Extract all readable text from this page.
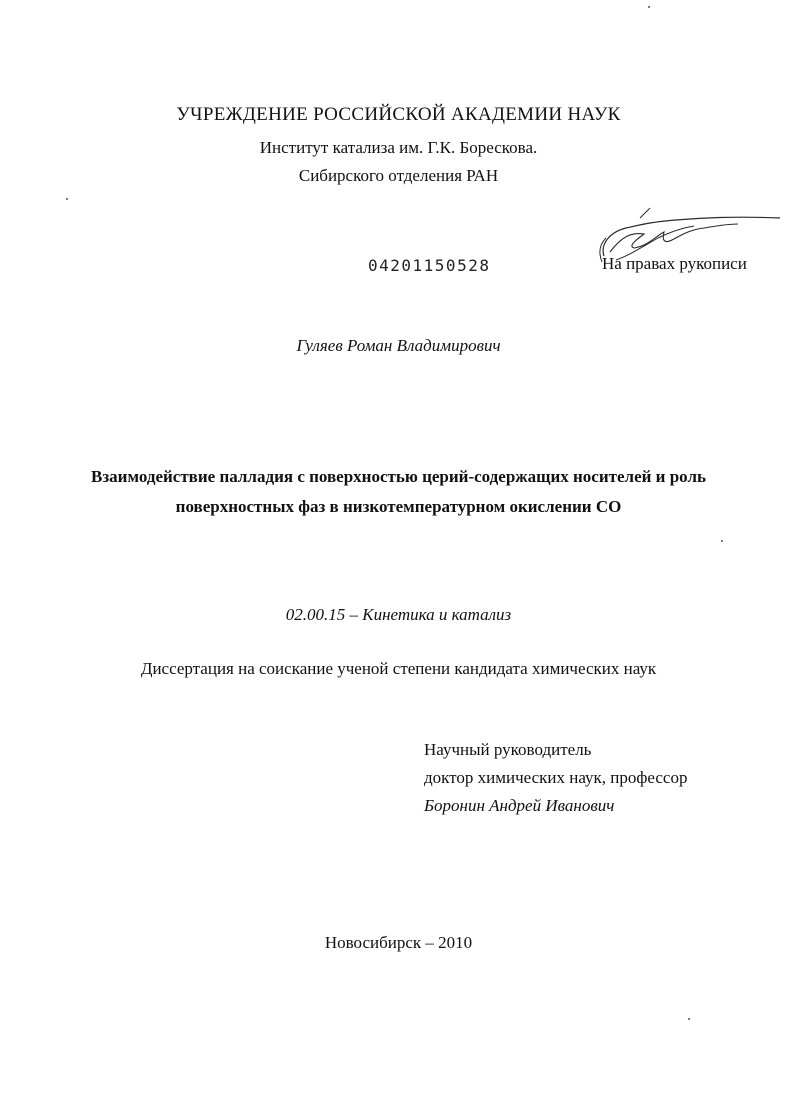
УЧРЕЖДЕНИЕ РОССИЙСКОЙ АКАДЕМИИ НАУК
Институт катализа им. Г.К. Борескова.
Сибирского отделения РАН
04201150528	На правах рукописи
Гуляев Роман Владимирович
Взаимодействие палладия с поверхностью церий-содержащих носителей и роль
поверхностных фаз в низкотемпературном окислении CO
02.00.15 – Кинетика и катализ
Диссертация на соискание ученой степени кандидата химических наук
Научный руководитель
доктор химических наук, профессор
Боронин Андрей Иванович
Новосибирск – 2010
